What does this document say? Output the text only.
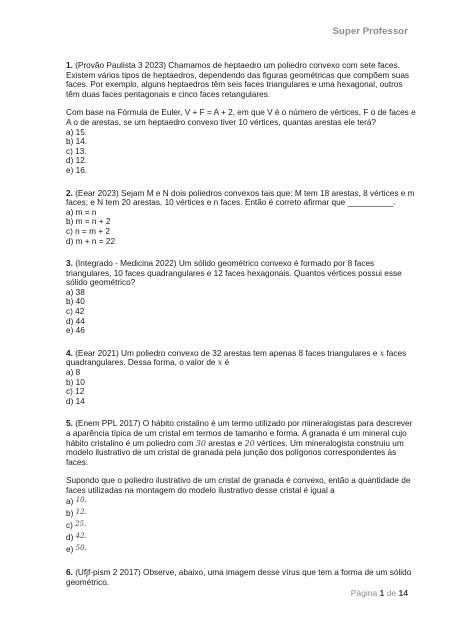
Super Professor

1. (Provão Paulista 3 2023) Chamamos de heptaedro um poliedro convexo com sete faces. Existem vários tipos de heptaedros, dependendo das figuras geométricas que compõem suas faces. Por exemplo, alguns heptaedros têm seis faces triangulares e uma hexagonal, outros têm duas faces pentagonais e cinco faces retangulares.

Com base na Fórmula de Euler, V + F = A + 2, em que V é o número de vértices, F o de faces e A o de arestas, se um heptaedro convexo tiver 10 vértices, quantas arestas ele terá?

a) 15.
b) 14.
c) 13.
d) 12.
e) 16.

2. (Eear 2023) Sejam M e N dois poliedros convexos tais que: M tem 18 arestas, 8 vértices e m faces; e N tem 20 arestas, 10 vértices e n faces. Então é correto afirmar que __________.

a) m = n
b) m = n + 2
c) n = m + 2
d) m + n = 22

3. (Integrado - Medicina 2022) Um sólido geométrico convexo é formado por 8 faces triangulares, 10 faces quadrangulares e 12 faces hexagonais. Quantos vértices possui esse sólido geométrico?

a) 38
b) 40
c) 42
d) 44
e) 46

4. (Eear 2021) Um poliedro convexo de 32 arestas tem apenas 8 faces triangulares e x faces quadrangulares. Dessa forma, o valor de x é

a) 8
b) 10
c) 12
d) 14

5. (Enem PPL 2017) O hábito cristalino é um termo utilizado por mineralogistas para descrever a aparência típica de um cristal em termos de tamanho e forma. A granada é um mineral cujo hábito cristalino é um poliedro com 30 arestas e 20 vértices. Um mineralogista construiu um modelo ilustrativo de um cristal de granada pela junção dos polígonos correspondentes às faces.

Supondo que o poliedro ilustrativo de um cristal de granada é convexo, então a quantidade de faces utilizadas na montagem do modelo ilustrativo desse cristal é igual a

a) $^{10.}$
b) $^{12.}$
c) $^{25.}$
d) $^{42.}$
e) $^{50.}$

6. (Ufjf-pism 2 2017) Observe, abaixo, uma imagem desse vírus que tem a forma de um sólido geométrico.

Página 1 de 14
